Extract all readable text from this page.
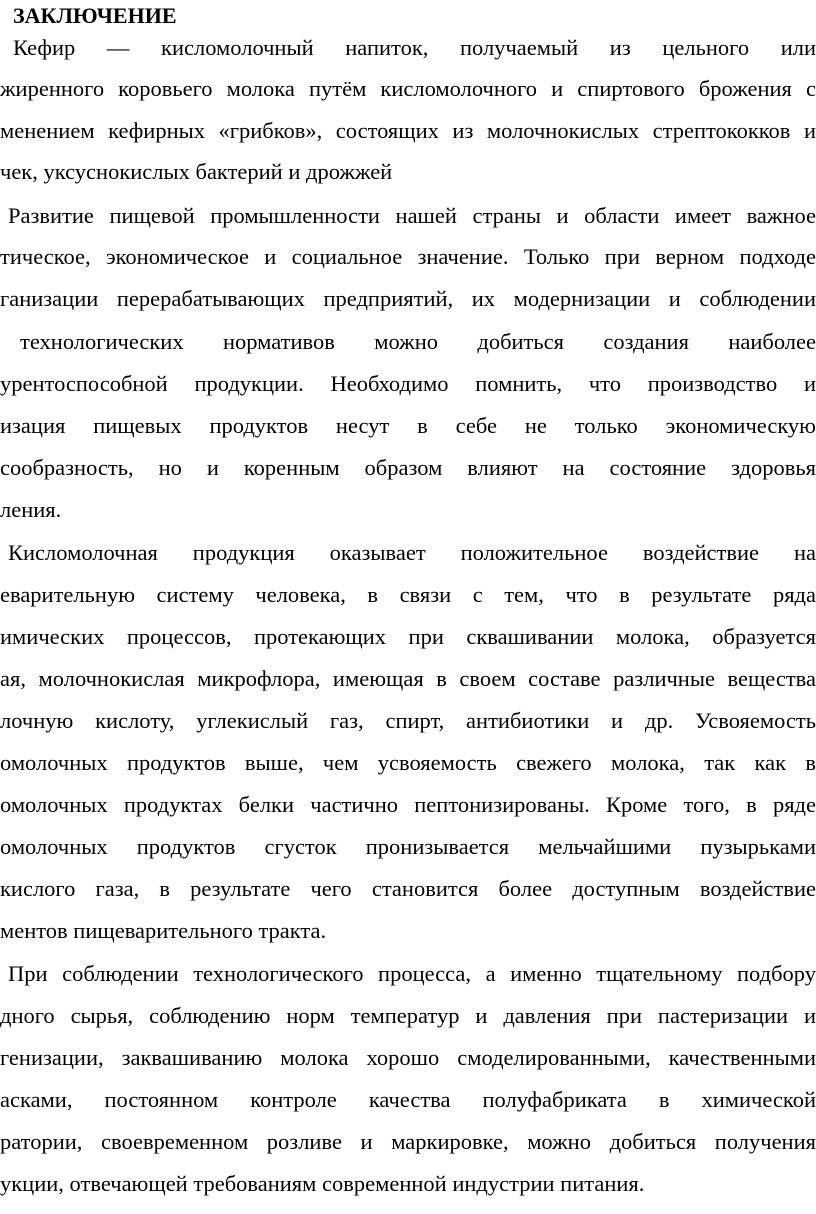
ЗАКЛЮЧЕНИЕ
Кефир — кисломолочный напиток, получаемый из цельного или
жиренного коровьего молока путём кисломолочного и спиртового брожения с
менением кефирных «грибков», состоящих из молочнокислых стрептококков и
чек, уксуснокислых бактерий и дрожжей
Развитие пищевой промышленности нашей страны и области имеет важное
тическое, экономическое и социальное значение. Только при верном подходе
ганизации перерабатывающих предприятий, их модернизации и соблюдении
технологических нормативов можно добиться создания наиболее
урентоспособной продукции. Необходимо помнить, что производство и
изация пищевых продуктов несут в себе не только экономическую
сообразность, но и коренным образом влияют на состояние здоровья
ления.
Кисломолочная продукция оказывает положительное воздействие на
еварительную систему человека, в связи с тем, что в результате ряда
имических процессов, протекающих при сквашивании молока, образуется
ая, молочнокислая микрофлора, имеющая в своем составе различные вещества
лочную кислоту, углекислый газ, спирт, антибиотики и др. Усвояемость
омолочных продуктов выше, чем усвояемость свежего молока, так как в
омолочных продуктах белки частично пептонизированы. Кроме того, в ряде
омолочных продуктов сгусток пронизывается мельчайшими пузырьками
кислого газа, в результате чего становится более доступным воздействие
ментов пищеварительного тракта.
При соблюдении технологического процесса, а именно тщательному подбору
дного сырья, соблюдению норм температур и давления при пастеризации и
генизации, заквашиванию молока хорошо смоделированными, качественными
асками, постоянном контроле качества полуфабриката в химической
ратории, своевременном розливе и маркировке, можно добиться получения
укции, отвечающей требованиям современной индустрии питания.
